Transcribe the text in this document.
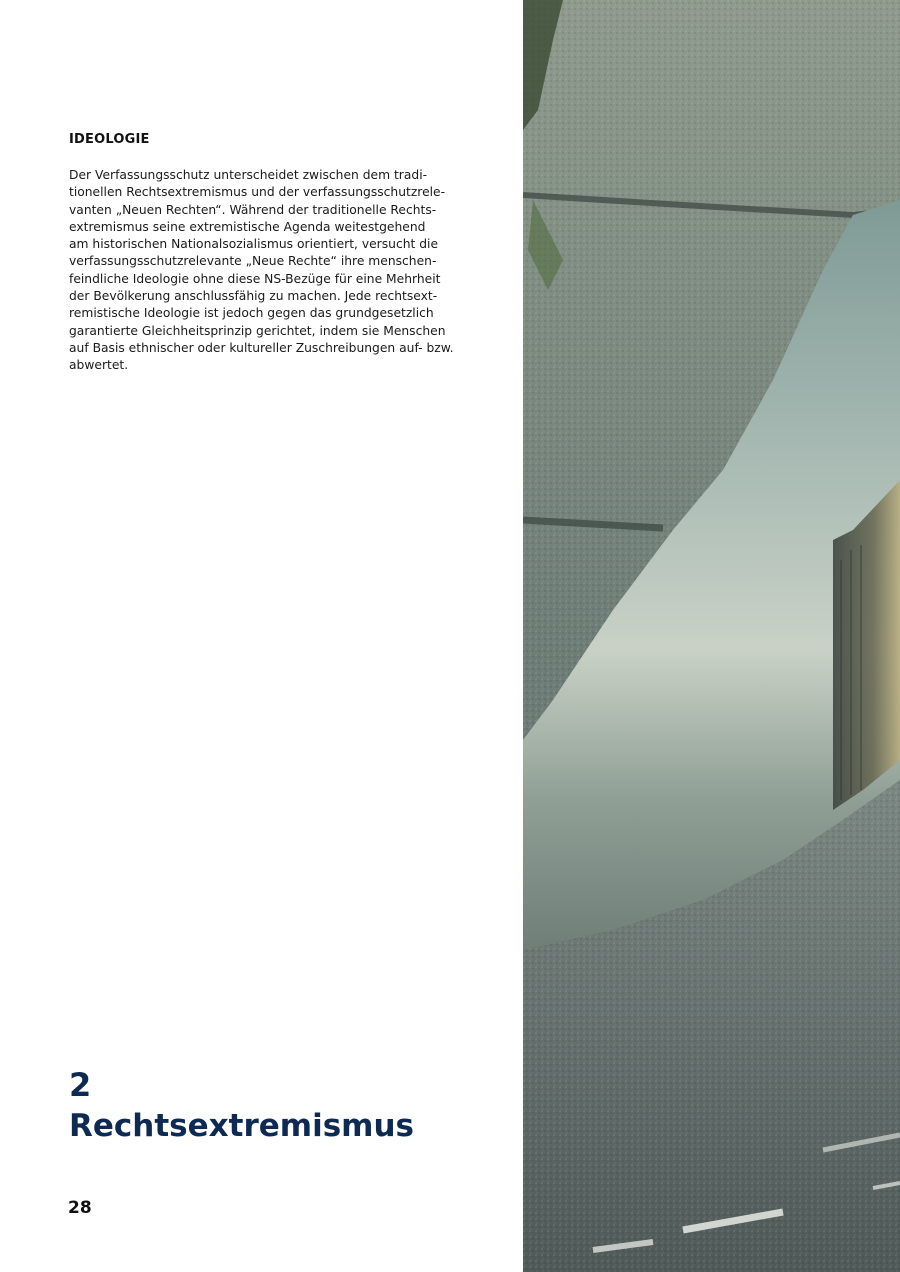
IDEOLOGIE

Der Verfassungsschutz unterscheidet zwischen dem tradi-
tionellen Rechtsextremismus und der verfassungsschutzrele-
vanten „Neuen Rechten“. Während der traditionelle Rechts-
extremismus seine extremistische Agenda weitestgehend
am historischen Nationalsozialismus orientiert, versucht die
verfassungsschutzrelevante „Neue Rechte“ ihre menschen-
feindliche Ideologie ohne diese NS-Bezüge für eine Mehrheit
der Bevölkerung anschlussfähig zu machen. Jede rechtsext-
remistische Ideologie ist jedoch gegen das grundgesetzlich
garantierte Gleichheitsprinzip gerichtet, indem sie Menschen
auf Basis ethnischer oder kultureller Zuschreibungen auf- bzw.
abwertet.

2
Rechtsextremismus
28
